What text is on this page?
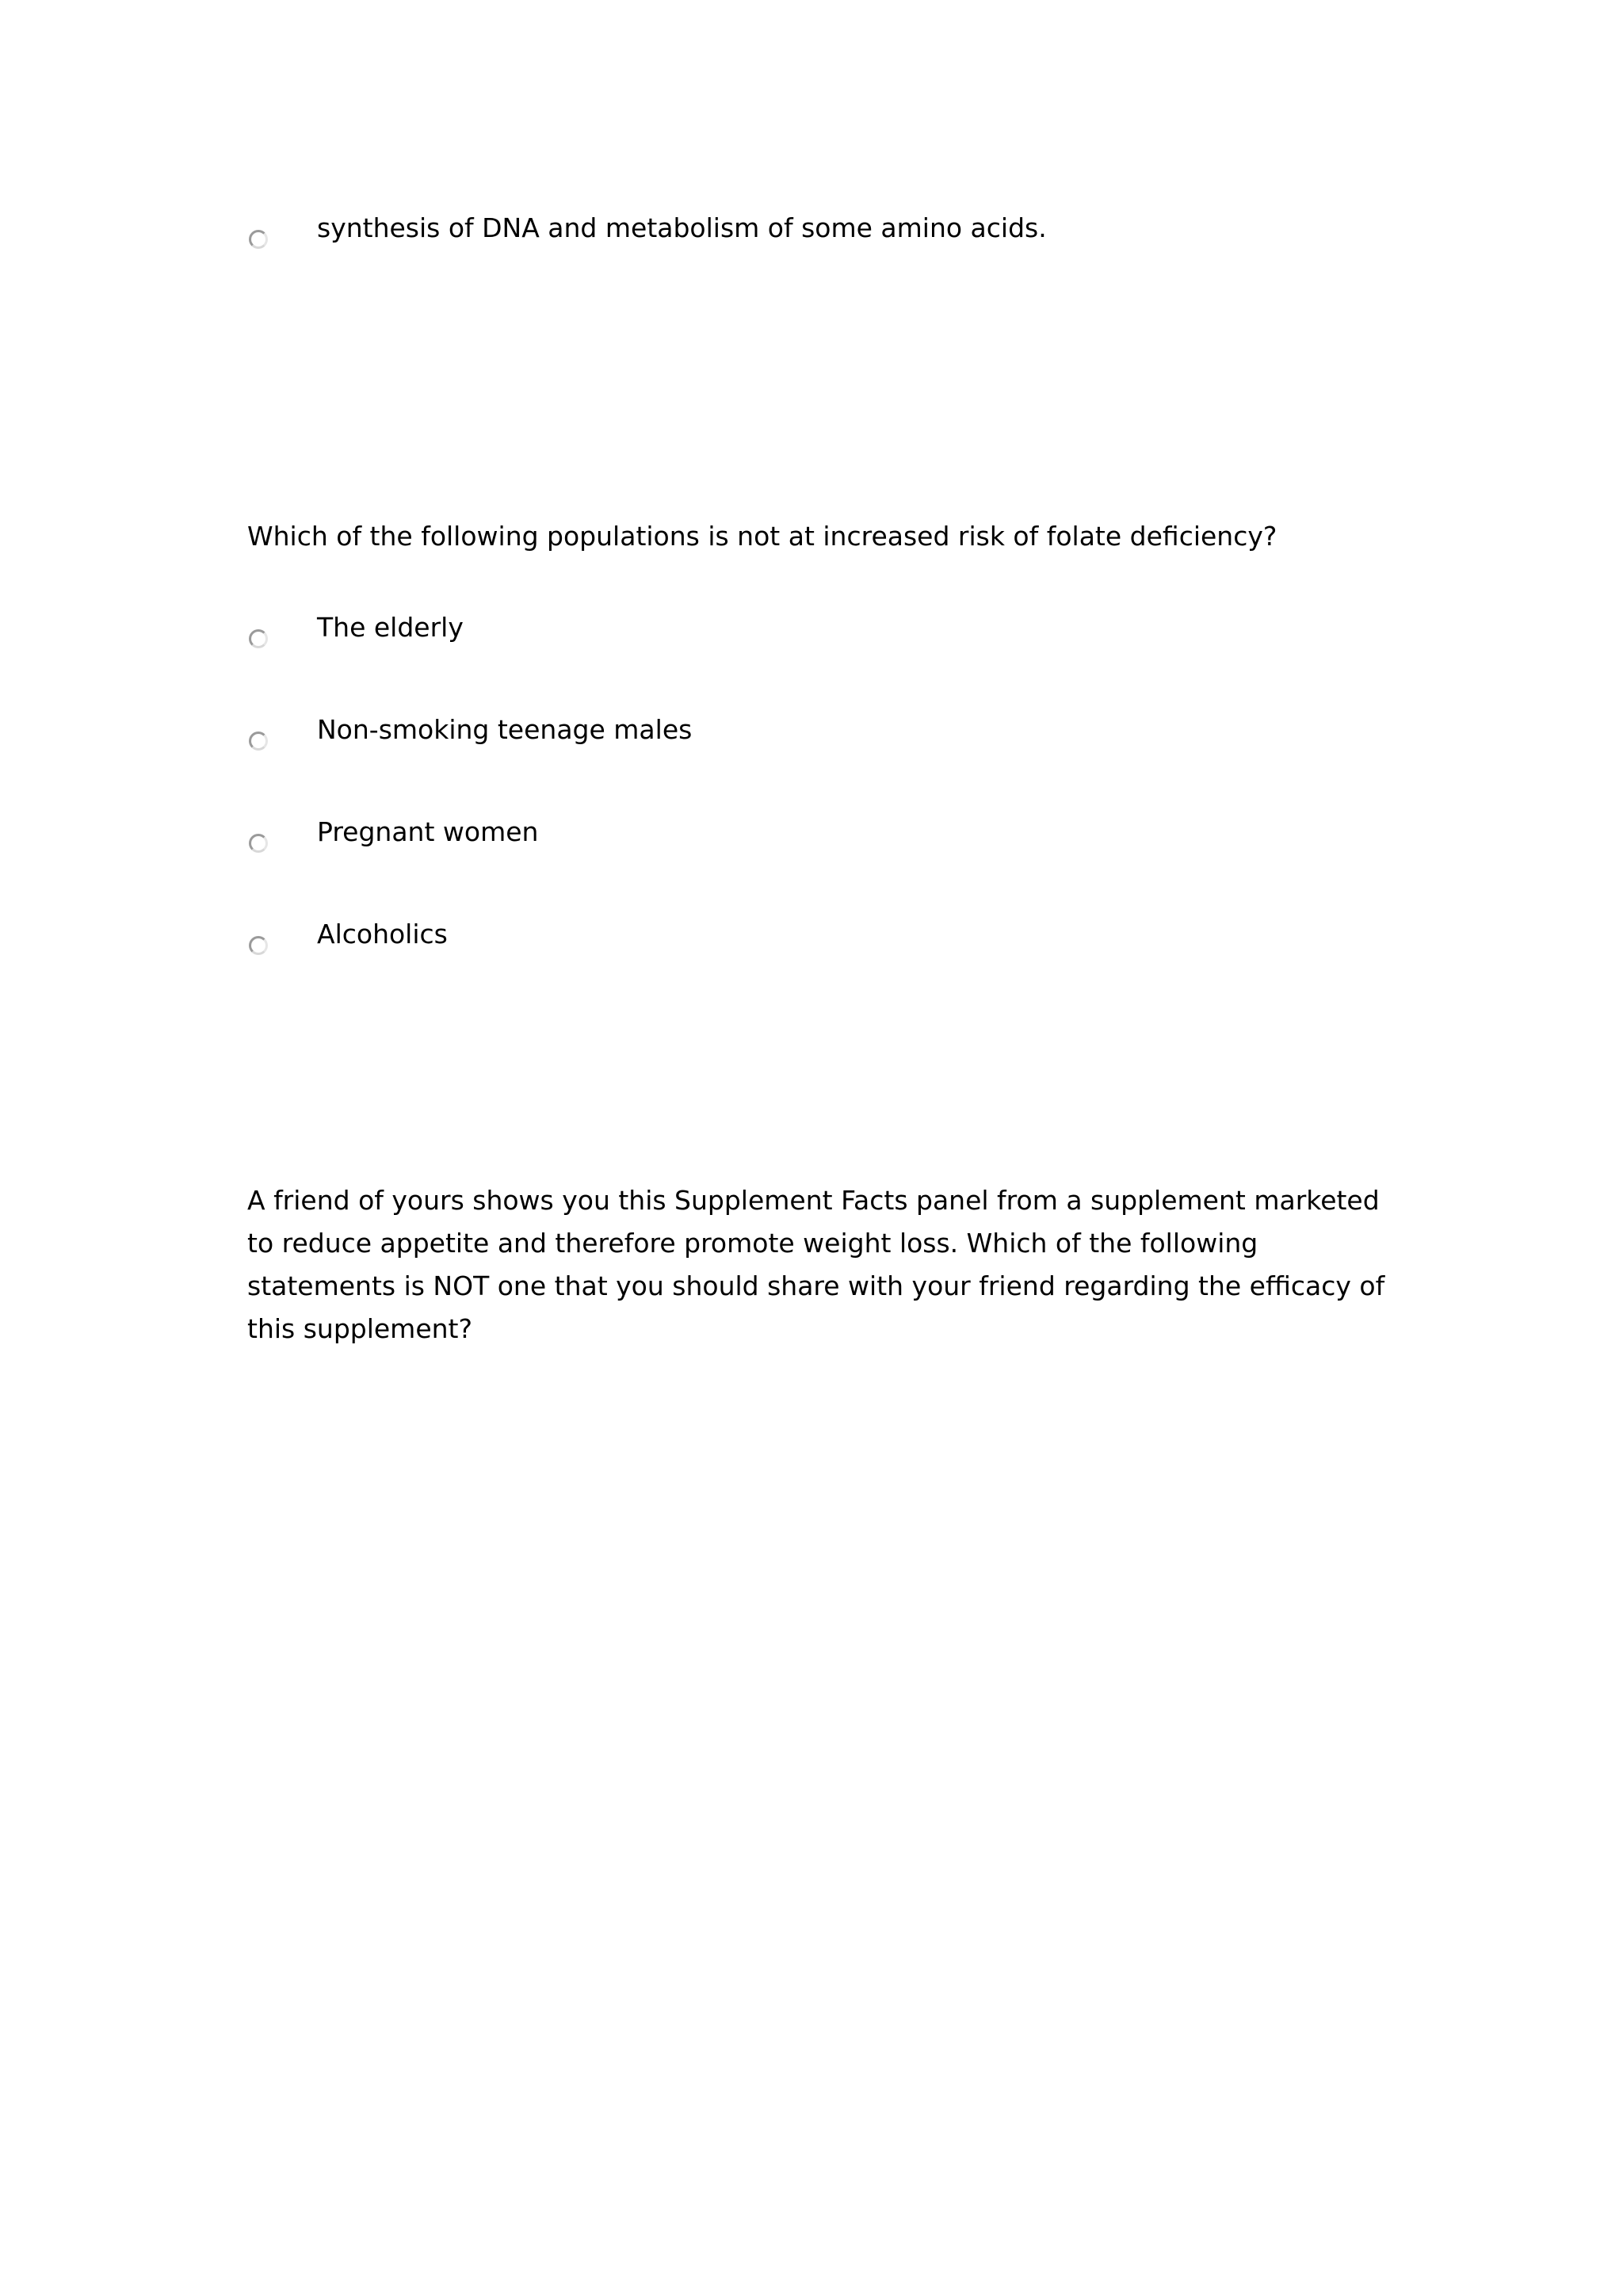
synthesis of DNA and metabolism of some amino acids.
Which of the following populations is not at increased risk of folate deficiency?
The elderly
Non-smoking teenage males
Pregnant women
Alcoholics
A friend of yours shows you this Supplement Facts panel from a supplement marketed to reduce appetite and therefore promote weight loss. Which of the following statements is NOT one that you should share with your friend regarding the efficacy of this supplement?
